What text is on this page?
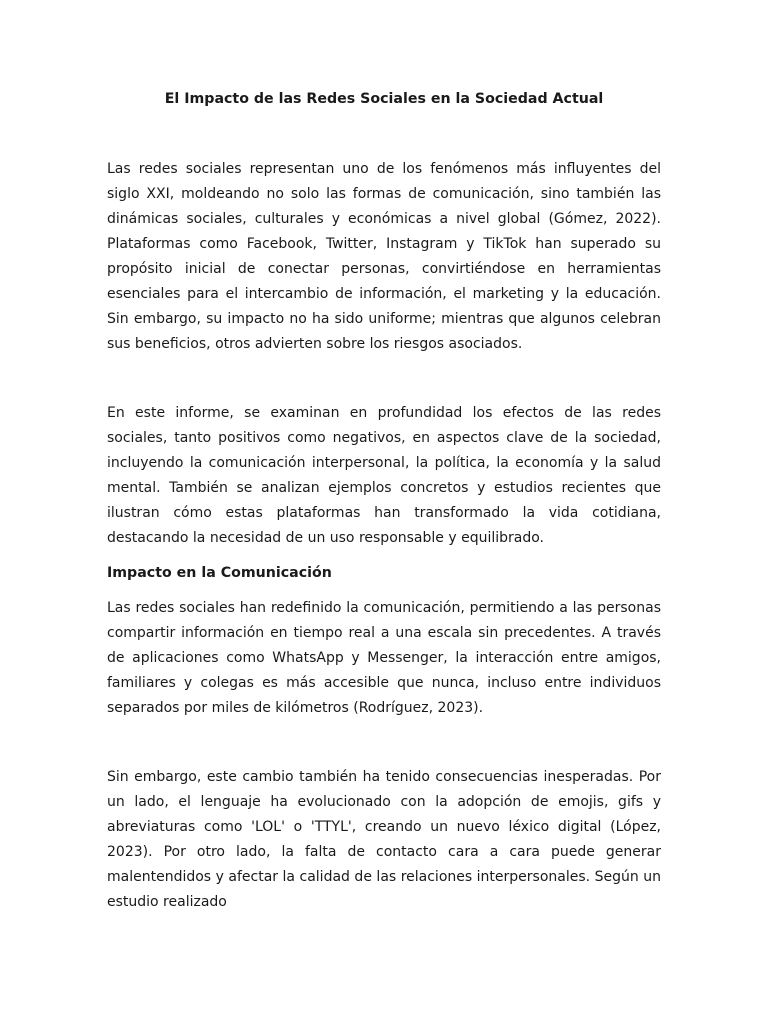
El Impacto de las Redes Sociales en la Sociedad Actual

Las redes sociales representan uno de los fenómenos más influyentes del siglo XXI, moldeando no solo las formas de comunicación, sino también las dinámicas sociales, culturales y económicas a nivel global (Gómez, 2022). Plataformas como Facebook, Twitter, Instagram y TikTok han superado su propósito inicial de conectar personas, convirtiéndose en herramientas esenciales para el intercambio de información, el marketing y la educación. Sin embargo, su impacto no ha sido uniforme; mientras que algunos celebran sus beneficios, otros advierten sobre los riesgos asociados.

En este informe, se examinan en profundidad los efectos de las redes sociales, tanto positivos como negativos, en aspectos clave de la sociedad, incluyendo la comunicación interpersonal, la política, la economía y la salud mental. También se analizan ejemplos concretos y estudios recientes que ilustran cómo estas plataformas han transformado la vida cotidiana, destacando la necesidad de un uso responsable y equilibrado.

Impacto en la Comunicación

Las redes sociales han redefinido la comunicación, permitiendo a las personas compartir información en tiempo real a una escala sin precedentes. A través de aplicaciones como WhatsApp y Messenger, la interacción entre amigos, familiares y colegas es más accesible que nunca, incluso entre individuos separados por miles de kilómetros (Rodríguez, 2023).

Sin embargo, este cambio también ha tenido consecuencias inesperadas. Por un lado, el lenguaje ha evolucionado con la adopción de emojis, gifs y abreviaturas como 'LOL' o 'TTYL', creando un nuevo léxico digital (López, 2023). Por otro lado, la falta de contacto cara a cara puede generar malentendidos y afectar la calidad de las relaciones interpersonales. Según un estudio realizado
